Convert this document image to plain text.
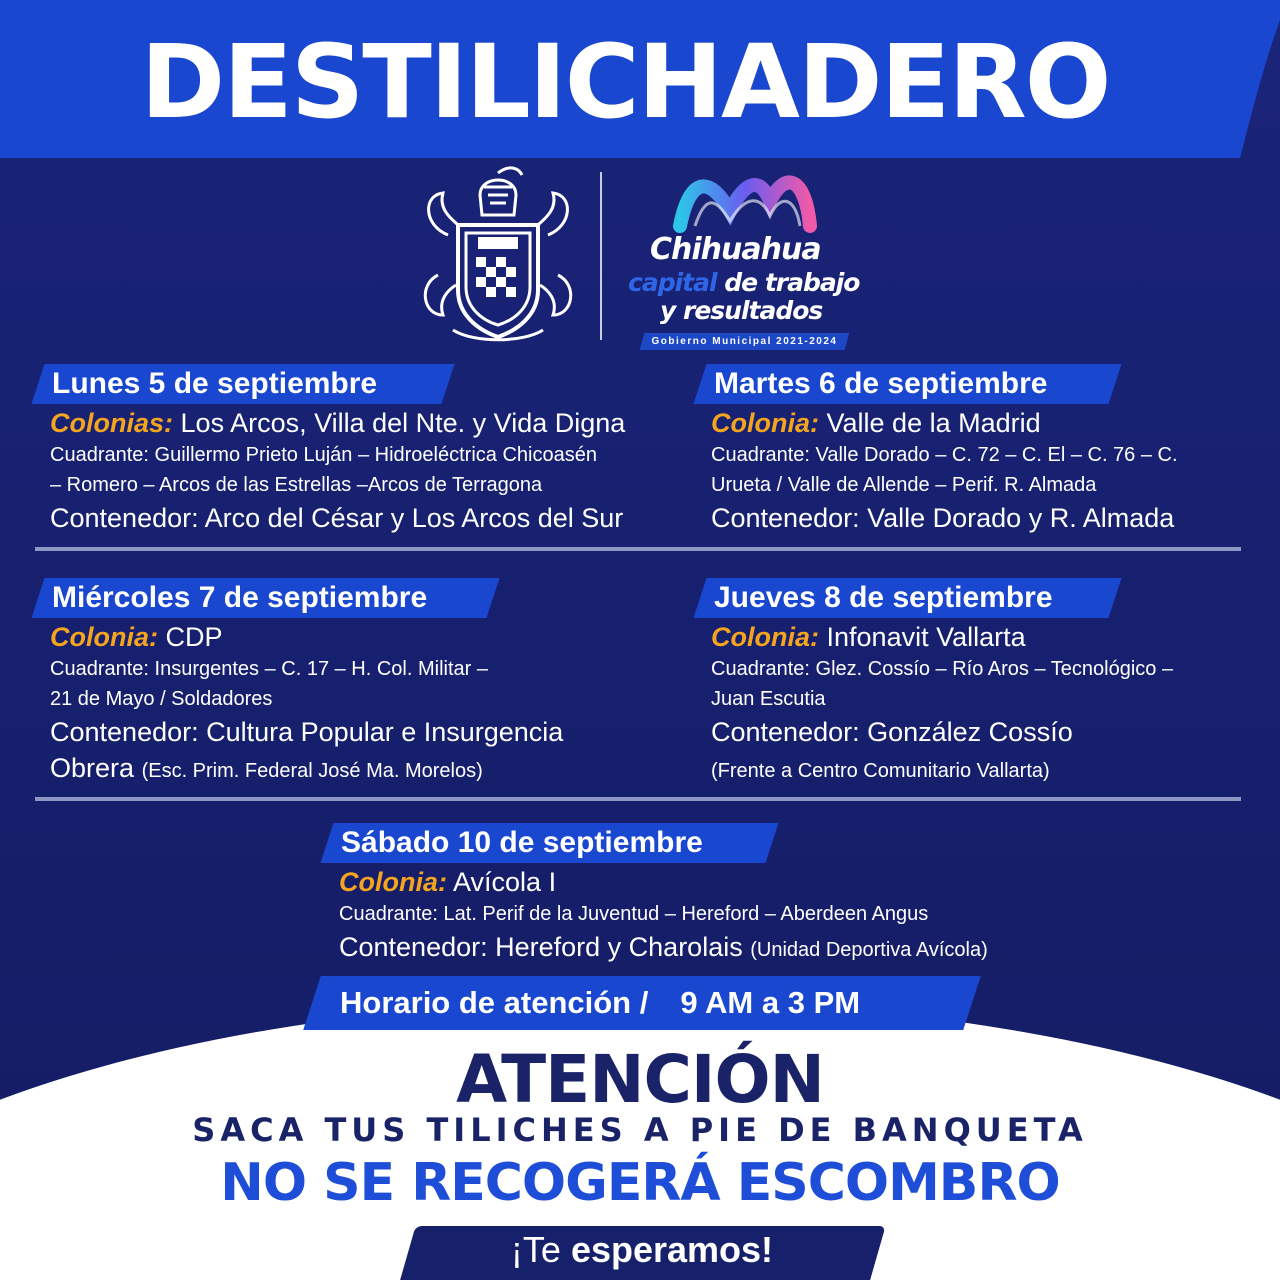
DESTILICHADERO
Chihuahua
capital de trabajo
y resultados
Gobierno Municipal 2021-2024
Lunes 5 de septiembre
Colonias: Los Arcos, Villa del Nte. y Vida Digna
Cuadrante: Guillermo Prieto Luján – Hidroeléctrica Chicoasén
– Romero – Arcos de las Estrellas –Arcos de Terragona
Contenedor: Arco del César y Los Arcos del Sur
Martes 6 de septiembre
Colonia: Valle de la Madrid
Cuadrante: Valle Dorado – C. 72 – C. El – C. 76 – C.
Urueta / Valle de Allende – Perif. R. Almada
Contenedor: Valle Dorado y R. Almada
Miércoles 7 de septiembre
Colonia: CDP
Cuadrante: Insurgentes – C. 17 – H. Col. Militar –
21 de Mayo / Soldadores
Contenedor: Cultura Popular e Insurgencia
Obrera (Esc. Prim. Federal José Ma. Morelos)
Jueves 8 de septiembre
Colonia: Infonavit Vallarta
Cuadrante: Glez. Cossío – Río Aros – Tecnológico –
Juan Escutia
Contenedor: González Cossío
(Frente a Centro Comunitario Vallarta)
Sábado 10 de septiembre
Colonia: Avícola I
Cuadrante: Lat. Perif de la Juventud – Hereford – Aberdeen Angus
Contenedor: Hereford y Charolais (Unidad Deportiva Avícola)
Horario de atención / 9 AM a 3 PM
ATENCIÓN
SACA TUS TILICHES A PIE DE BANQUETA
NO SE RECOGERÁ ESCOMBRO
¡Te esperamos!
